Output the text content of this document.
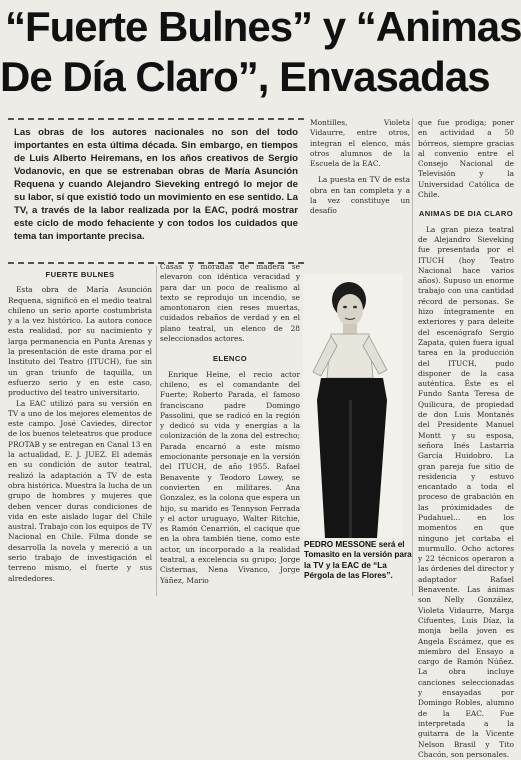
“Fuerte Bulnes” y “Animas
De Día Claro”, Envasadas
Las obras de los autores nacionales no son del todo importantes en esta última década. Sin embargo, en tiempos de Luis Alberto Heiremans, en los años creativos de Sergio Vodanovic, en que se estrenaban obras de María Asunción Requena y cuando Alejandro Sieveking entregó lo mejor de su labor, sí que existió todo un movimiento en ese sentido. La TV, a través de la labor realizada por la EAC, podrá mostrar este ciclo de modo fehaciente y con todos los cuidados que tema tan importante precisa.
FUERTE BULNES

Esta obra de María Asunción Requena, significó en el medio teatral chileno un serio aporte costumbrista y a la vez histórico. La autora conoce esta realidad, por su nacimiento y larga permanencia en Punta Arenas y la presentación de este drama por el Instituto del Teatro (ITUCH), fue sin un gran triunfo de taquilla, un esfuerzo serio y en este caso, productivo del teatro universitario.

La EAC utilizó para su versión en TV a uno de los mejores elementos de este campo. José Caviedes, director de los buenos teleteatros que produce PROTAB y se entregan en Canal 13 en la actualidad, E. J. JUEZ. El además en su condición de autor teatral, realizó la adaptación a TV de esta obra histórica. Muestra la lucha de un grupo de hombres y mujeres que deben vencer duras condiciones de vida en este aislado lugar del Chile austral. Trabajo con los equipos de TV Nacional en Chile. Filma donde se desarrolla la novela y mereció a un serio trabajo de investigación el terreno mismo, el fuerte y sus alrededores.

Casas y moradas de madera se elevaron con idéntica veracidad y para dar un poco de realismo al texto se reprodujo un incendio, se amontonaron cien reses muertas, cuidados rebaños de verdad y en el plano teatral, un elenco de 28 seleccionados actores.

ELENCO

Enrique Heine, el recio actor chileno, es el comandante del Fuerte; Roberto Parada, el famoso franciscano padre Domingo Passolini, que se radicó en la región y dedicó su vida y energías a la colonización de la zona del estrecho; Parada encarnó a este mismo emocionante personaje en la versión del ITUCH, de año 1955. Rafael Benavente y Teodoro Lowey, se convierten en militares. Ana Gonzalez, es la colona que espera un hijo, su marido es Tennyson Ferrada y el actor uruguayo, Walter Ritchie, es Ramón Cenarrión, el cacique que en la obra también tiene, como este actor, un incorporado a la realidad teatral, a excelencia su grupo; Jorge Cisternas, Nena Vivanco, Jorge Yáñez, Mario

Montilles, Violeta Vidaurre, entre otros, integran el elenco, más otros alumnos de la Escuela de la EAC.

La puesta en TV de esta obra en tan completa y a la vez constituye un desafío

PEDRO MESSONE será el Tomasito en la versión para la TV y la EAC de “La Pérgola de las Flores”.

que fue prodiga; poner en actividad a 50 bórreos, siempre gracias al convenio entre el Consejo Nacional de Televisión y la Universidad Católica de Chile.

ANIMAS DE DIA CLARO

La gran pieza teatral de Alejandro Sieveking fue presentada por el ITUCH (hoy Teatro Nacional hace varios años). Supuso un enorme trabajo con una cantidad récord de personas. Se hizo íntegramente en exteriores y para deleite del escenógrafo Sergio Zapata, quien fuera igual tarea en la producción del ITUCH, pudo disponer de la casa auténtica. Éste es el Fundo Santa Teresa de Quilicura, de propiedad de don Luis Montanés del Presidente Manuel Montt y su esposa, señora Inés Lastarria García Huidobro. La gran pareja fue sitio de residencia y estuvo encantado a toda el proceso de grabación en las próximidades de Pudahuel... en los momentos en que ninguno jet cortaba el murmullo. Ocho actores y 22 técnicos operaron a las órdenes del director y adaptador Rafael Benavente. Las ánimas son Nelly González, Violeta Vidaurre, Marga Cifuentes, Luis Díaz, la monja bella joven es Angela Escámez, que es miembro del Ensayo a cargo de Ramón Núñez. La obra incluye canciones seleccionadas y ensayadas por Domingo Robles, alumno de la EAC. Fue interpretada a la guitarra de la Vicente Nelson Brasil y Tito Chacón, son personales.
